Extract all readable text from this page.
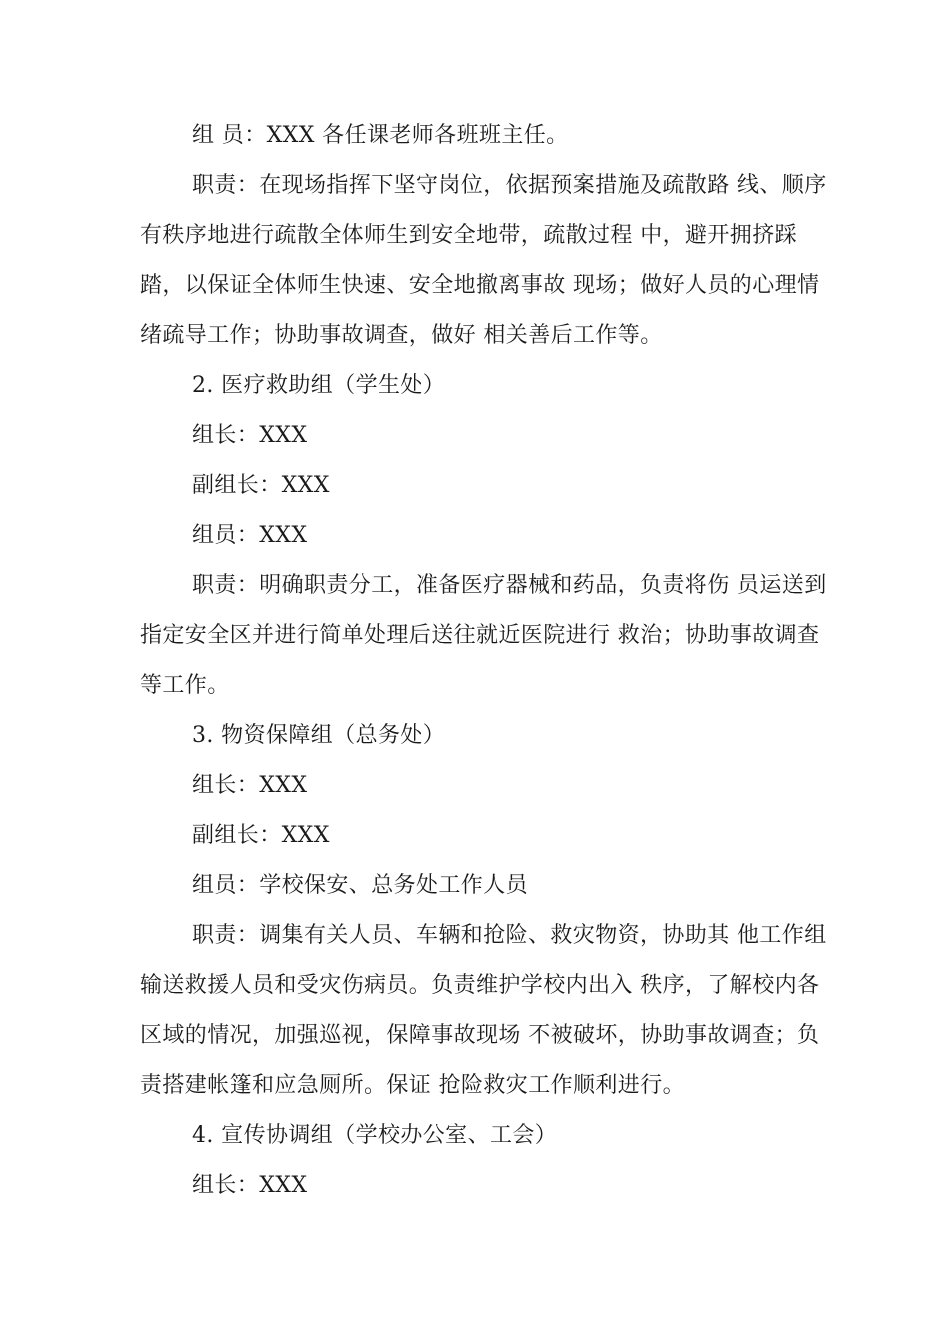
组 员：XXX 各任课老师各班班主任。

职责：在现场指挥下坚守岗位，依据预案措施及疏散路 线、顺序有秩序地进行疏散全体师生到安全地带，疏散过程 中，避开拥挤踩踏，以保证全体师生快速、安全地撤离事故 现场；做好人员的心理情绪疏导工作；协助事故调查，做好 相关善后工作等。

2. 医疗救助组（学生处）

组长：XXX

副组长：XXX

组员：XXX

职责：明确职责分工，准备医疗器械和药品，负责将伤 员运送到指定安全区并进行简单处理后送往就近医院进行 救治；协助事故调查等工作。

3. 物资保障组（总务处）

组长：XXX

副组长：XXX

组员：学校保安、总务处工作人员

职责：调集有关人员、车辆和抢险、救灾物资，协助其 他工作组输送救援人员和受灾伤病员。负责维护学校内出入 秩序，了解校内各区域的情况，加强巡视，保障事故现场 不被破坏，协助事故调查；负责搭建帐篷和应急厕所。保证 抢险救灾工作顺利进行。

4. 宣传协调组（学校办公室、工会）

组长：XXX
